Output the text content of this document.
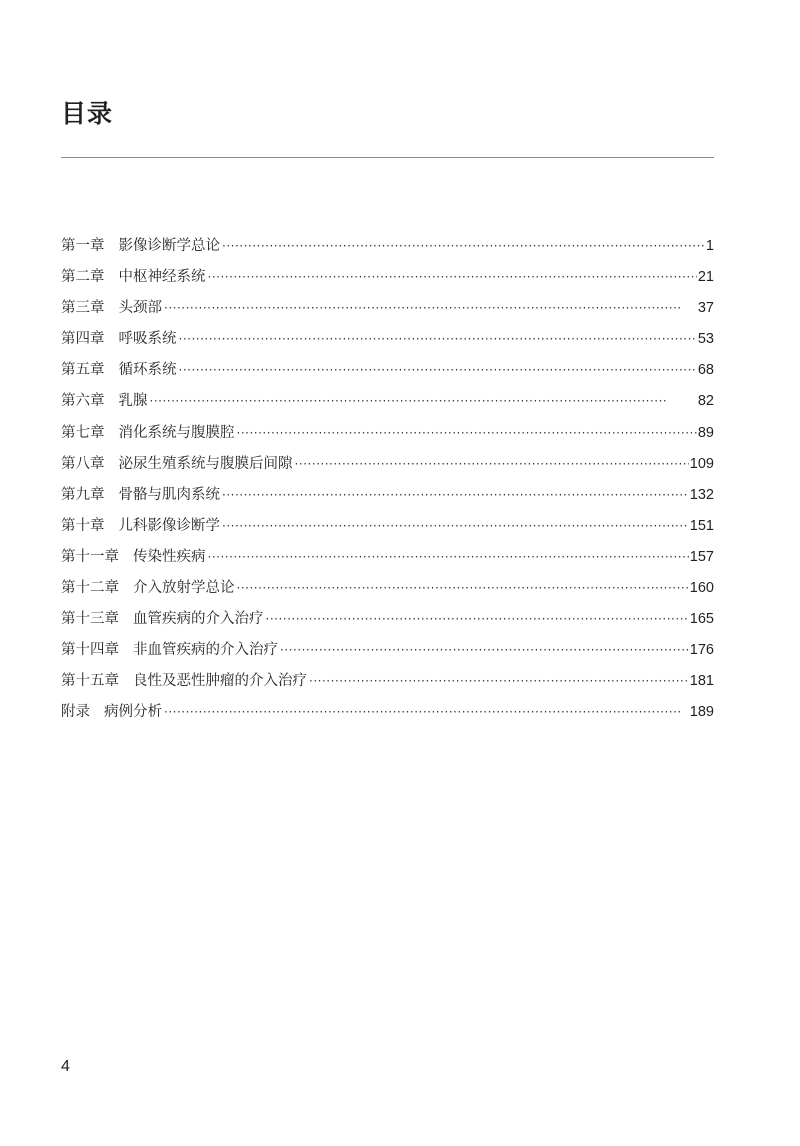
目录
第一章 影像诊断学总论 ·····	1
第二章 中枢神经系统 ·····	21
第三章 头颈部 ·····	37
第四章 呼吸系统 ·····	53
第五章 循环系统 ·····	68
第六章 乳腺 ·····	82
第七章 消化系统与腹膜腔 ·····	89
第八章 泌尿生殖系统与腹膜后间隙 ·····	109
第九章 骨骼与肌肉系统 ·····	132
第十章 儿科影像诊断学 ·····	151
第十一章 传染性疾病 ·····	157
第十二章 介入放射学总论 ·····	160
第十三章 血管疾病的介入治疗 ·····	165
第十四章 非血管疾病的介入治疗 ·····	176
第十五章 良性及恶性肿瘤的介入治疗 ·····	181
附录 病例分析 ·····	189
4
